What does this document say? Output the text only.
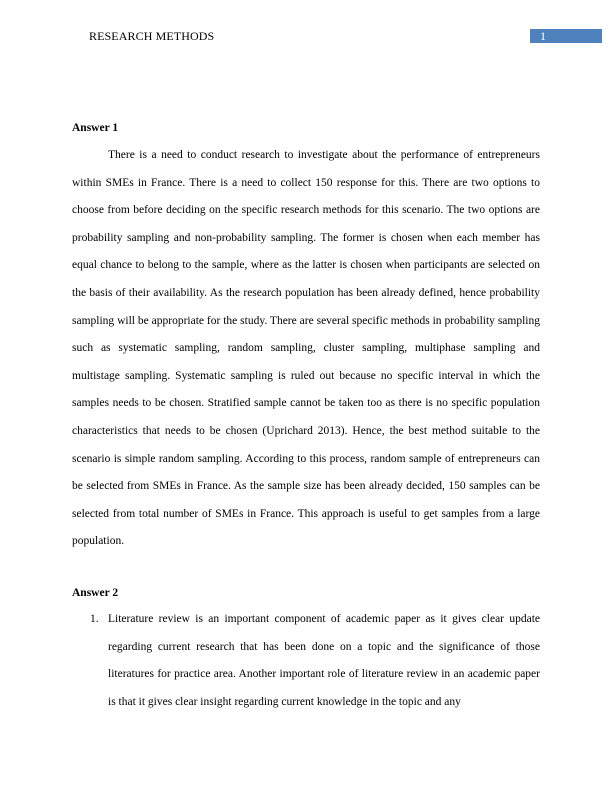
RESEARCH METHODS	1
Answer 1

There is a need to conduct research to investigate about the performance of entrepreneurs within SMEs in France. There is a need to collect 150 response for this. There are two options to choose from before deciding on the specific research methods for this scenario. The two options are probability sampling and non-probability sampling. The former is chosen when each member has equal chance to belong to the sample, where as the latter is chosen when participants are selected on the basis of their availability. As the research population has been already defined, hence probability sampling will be appropriate for the study. There are several specific methods in probability sampling such as systematic sampling, random sampling, cluster sampling, multiphase sampling and multistage sampling. Systematic sampling is ruled out because no specific interval in which the samples needs to be chosen. Stratified sample cannot be taken too as there is no specific population characteristics that needs to be chosen (Uprichard 2013). Hence, the best method suitable to the scenario is simple random sampling. According to this process, random sample of entrepreneurs can be selected from SMEs in France. As the sample size has been already decided, 150 samples can be selected from total number of SMEs in France. This approach is useful to get samples from a large population.

Answer 2
1. Literature review is an important component of academic paper as it gives clear update regarding current research that has been done on a topic and the significance of those literatures for practice area. Another important role of literature review in an academic paper is that it gives clear insight regarding current knowledge in the topic and any
